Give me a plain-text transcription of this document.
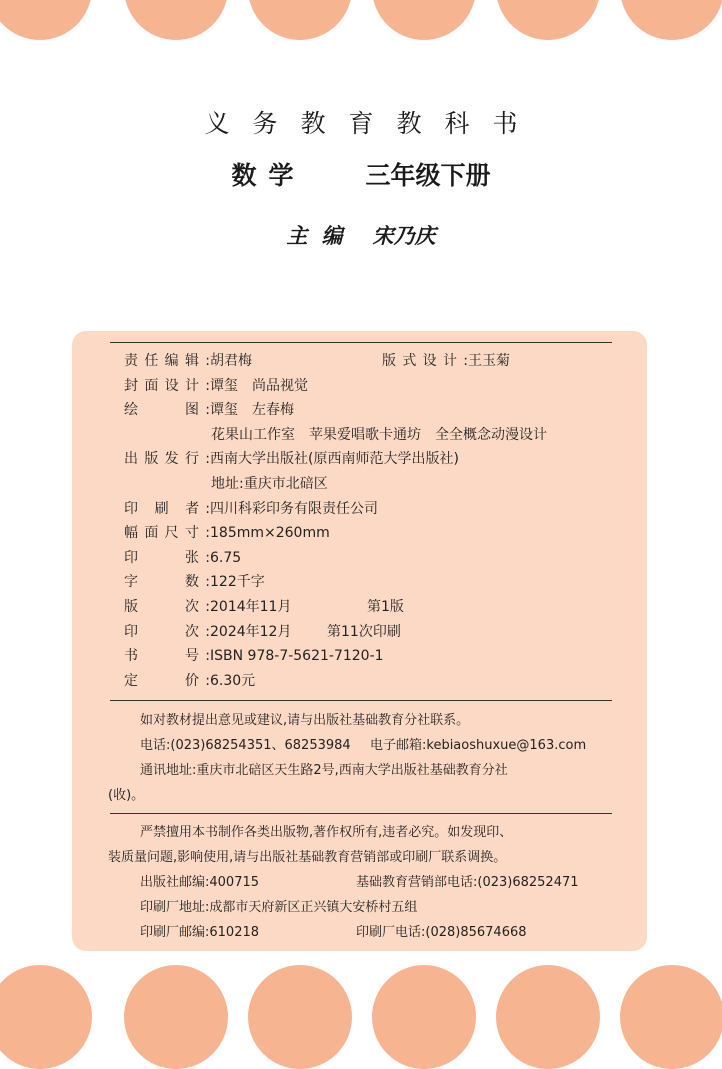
义务教育教科书
数学 三年级下册
主编 宋乃庆
责任编辑:胡君梅	版式设计:王玉菊
封面设计:谭玺　尚品视觉
绘　　图:谭玺　左春梅
花果山工作室　苹果爱唱歌卡通坊　全全概念动漫设计
出版发行:西南大学出版社(原西南师范大学出版社)
地址:重庆市北碚区
印 刷 者:四川科彩印务有限责任公司
幅面尺寸:185mm×260mm
印　　张:6.75
字　　数:122千字
版　　次:2014年11月	第1版
印　　次:2024年12月	第11次印刷
书　　号:ISBN 978-7-5621-7120-1
定　　价:6.30元
如对教材提出意见或建议,请与出版社基础教育分社联系。
电话:(023)68254351、68253984 电子邮箱:kebiaoshuxue@163.com
通讯地址:重庆市北碚区天生路2号,西南大学出版社基础教育分社
(收)。
严禁擅用本书制作各类出版物,著作权所有,违者必究。如发现印、
装质量问题,影响使用,请与出版社基础教育营销部或印刷厂联系调换。
出版社邮编:400715	基础教育营销部电话:(023)68252471
印刷厂地址:成都市天府新区正兴镇大安桥村五组
印刷厂邮编:610218	印刷厂电话:(028)85674668
